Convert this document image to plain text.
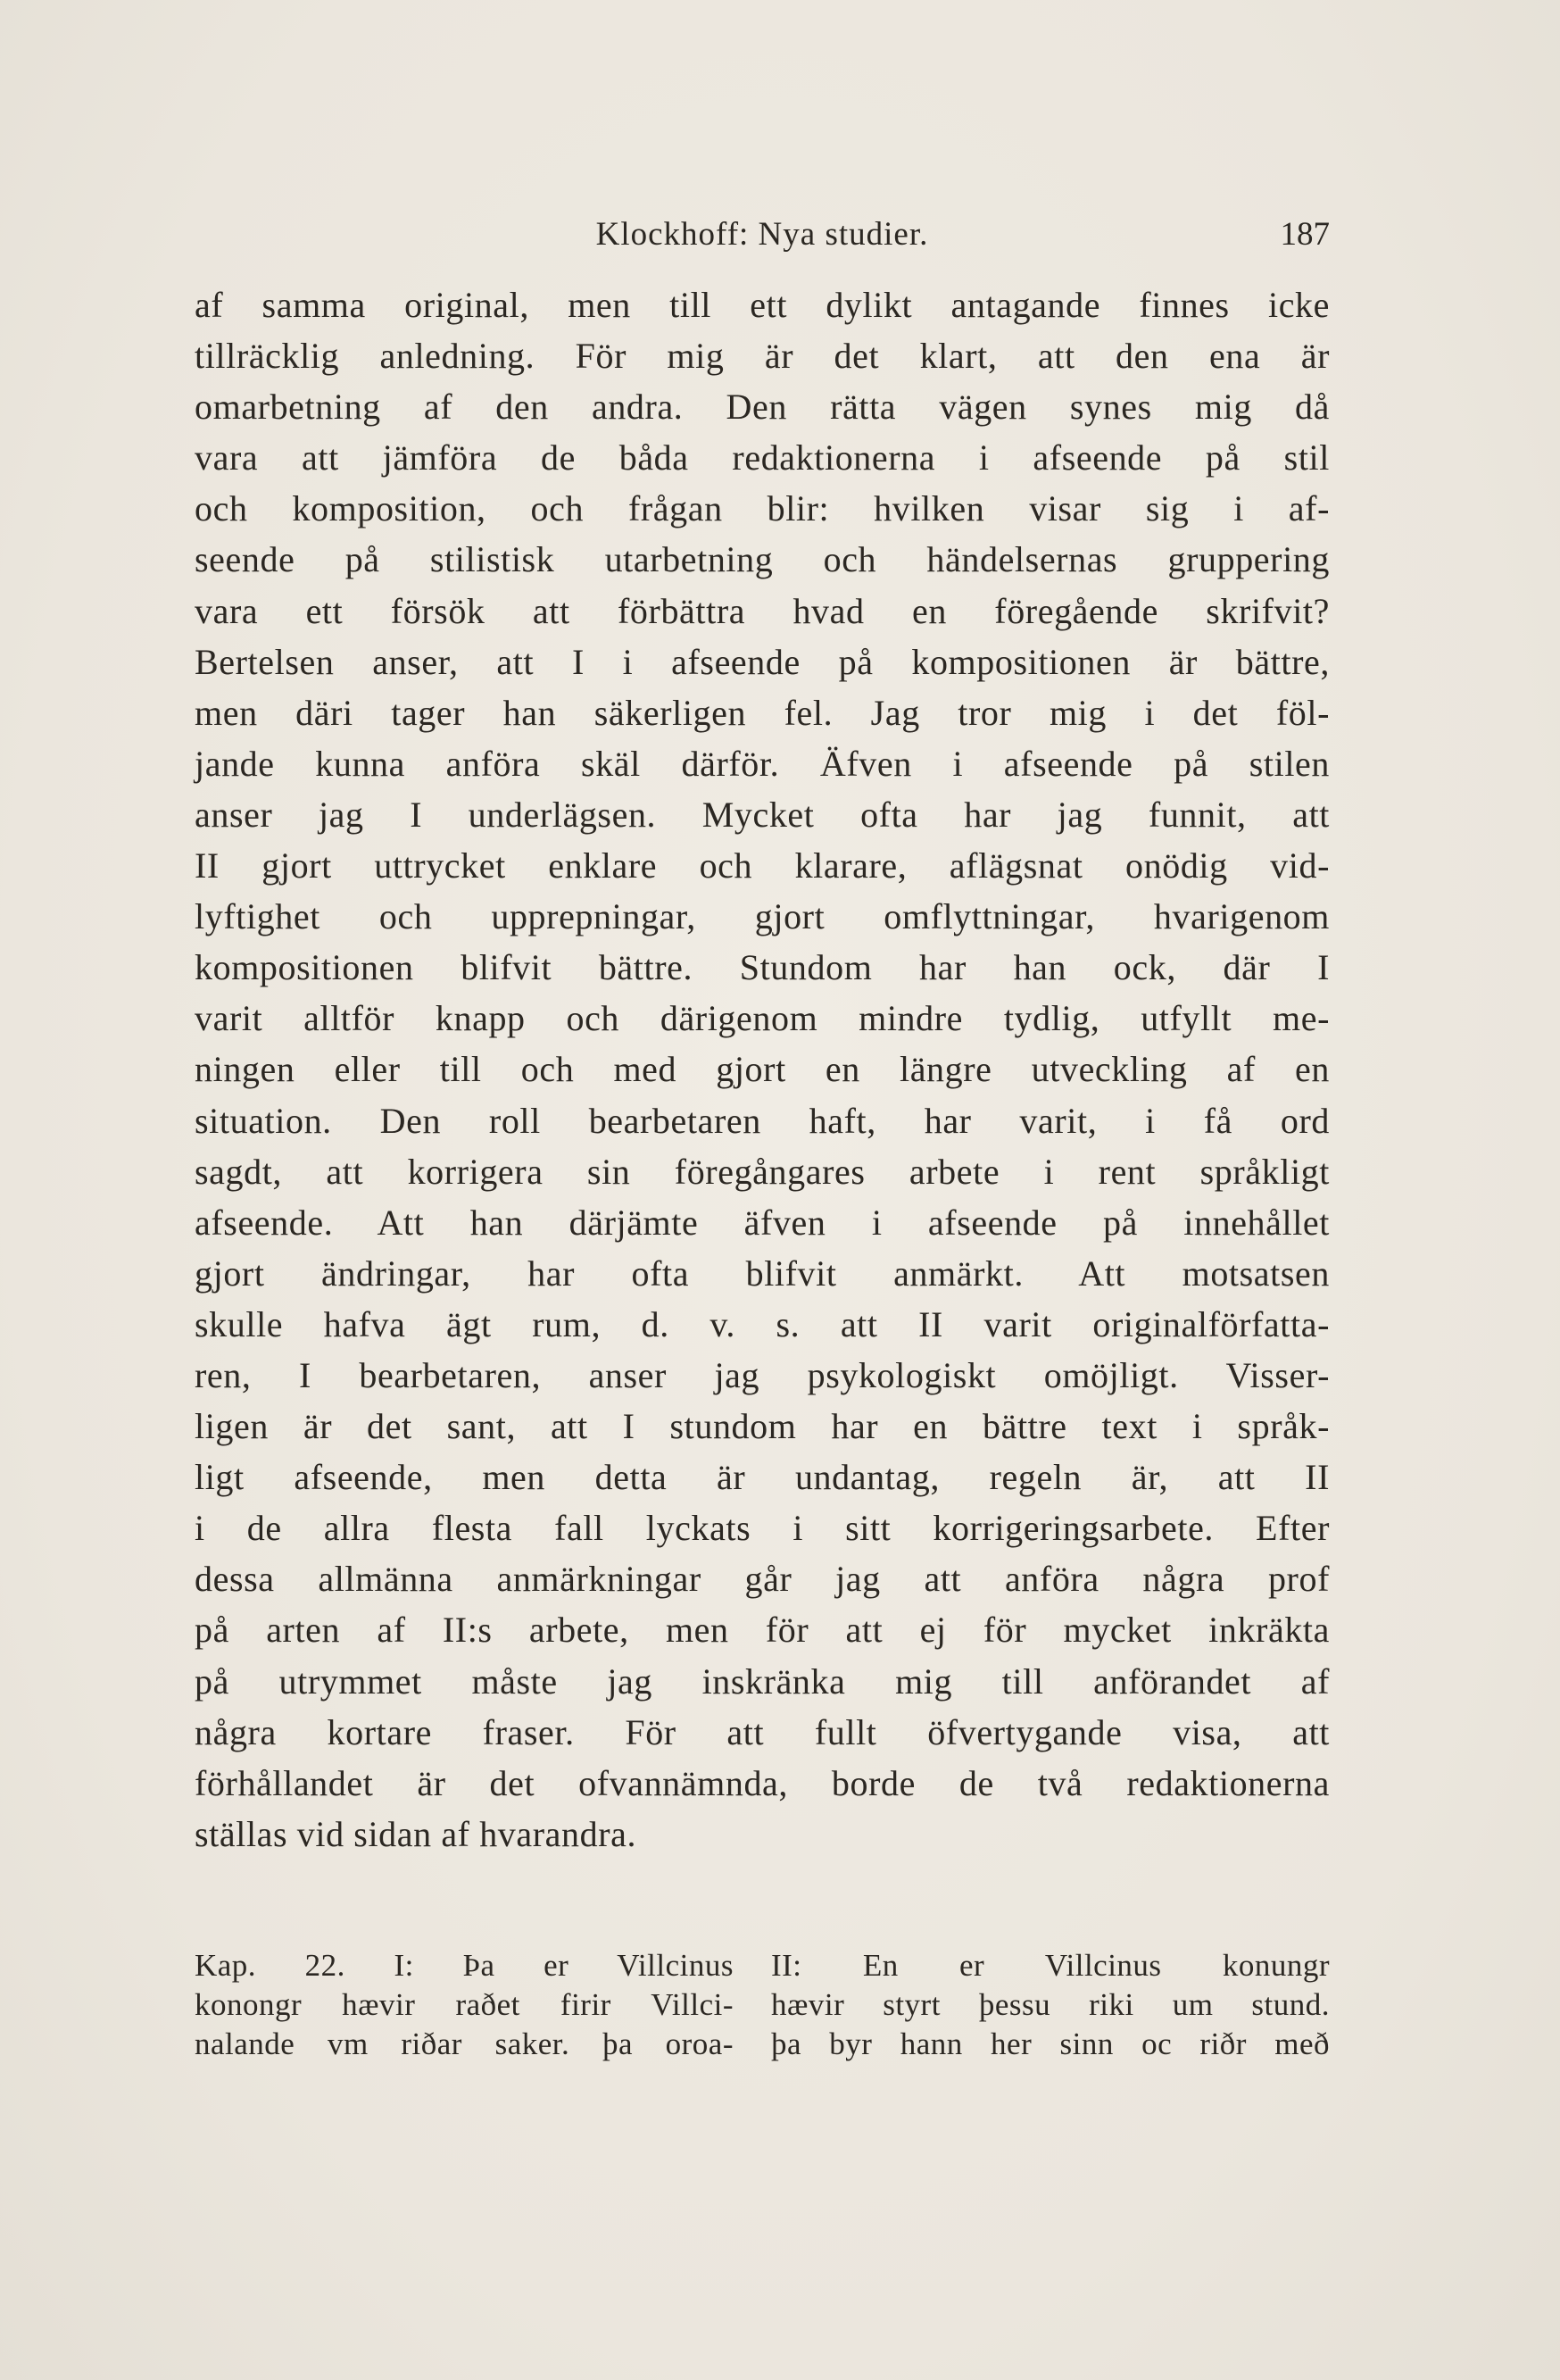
Klockhoff: Nya studier.	187
af samma original, men till ett dylikt antagande finnes icke
tillräcklig anledning. För mig är det klart, att den ena är
omarbetning af den andra. Den rätta vägen synes mig då
vara att jämföra de båda redaktionerna i afseende på stil
och komposition, och frågan blir: hvilken visar sig i af-
seende på stilistisk utarbetning och händelsernas gruppering
vara ett försök att förbättra hvad en föregående skrifvit?
Bertelsen anser, att I i afseende på kompositionen är bättre,
men däri tager han säkerligen fel. Jag tror mig i det föl-
jande kunna anföra skäl därför. Äfven i afseende på stilen
anser jag I underlägsen. Mycket ofta har jag funnit, att
II gjort uttrycket enklare och klarare, aflägsnat onödig vid-
lyftighet och upprepningar, gjort omflyttningar, hvarigenom
kompositionen blifvit bättre. Stundom har han ock, där I
varit alltför knapp och därigenom mindre tydlig, utfyllt me-
ningen eller till och med gjort en längre utveckling af en
situation. Den roll bearbetaren haft, har varit, i få ord
sagdt, att korrigera sin föregångares arbete i rent språkligt
afseende. Att han därjämte äfven i afseende på innehållet
gjort ändringar, har ofta blifvit anmärkt. Att motsatsen
skulle hafva ägt rum, d. v. s. att II varit originalförfatta-
ren, I bearbetaren, anser jag psykologiskt omöjligt. Visser-
ligen är det sant, att I stundom har en bättre text i språk-
ligt afseende, men detta är undantag, regeln är, att II
i de allra flesta fall lyckats i sitt korrigeringsarbete. Efter
dessa allmänna anmärkningar går jag att anföra några prof
på arten af II:s arbete, men för att ej för mycket inkräkta
på utrymmet måste jag inskränka mig till anförandet af
några kortare fraser. För att fullt öfvertygande visa, att
förhållandet är det ofvannämnda, borde de två redaktionerna
ställas vid sidan af hvarandra.
Kap. 22. I: Þa er Villcinus II: En er Villcinus konungr
konongr hævir raðet firir Villci- hævir styrt þessu riki um stund.
nalande vm riðar saker. þa oroa- þa byr hann her sinn oc riðr með
